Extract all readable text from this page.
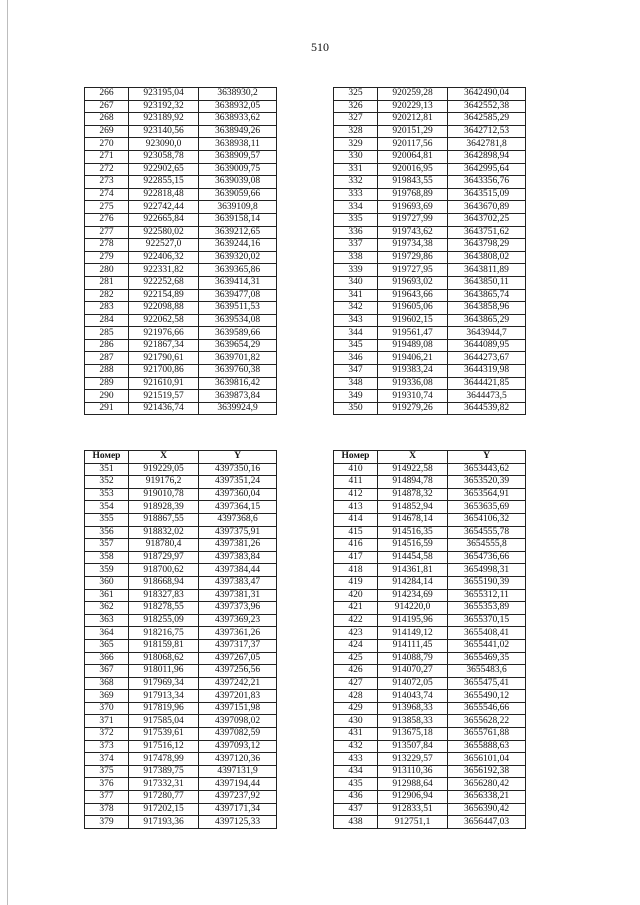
510
266	923195,04	3638930,2
267	923192,32	3638932,05
268	923189,92	3638933,62
269	923140,56	3638949,26
270	923090,0	3638938,11
271	923058,78	3638909,57
272	922902,65	3639009,75
273	922855,15	3639039,08
274	922818,48	3639059,66
275	922742,44	3639109,8
276	922665,84	3639158,14
277	922580,02	3639212,65
278	922527,0	3639244,16
279	922406,32	3639320,02
280	922331,82	3639365,86
281	922252,68	3639414,31
282	922154,89	3639477,08
283	922098,88	3639511,53
284	922062,58	3639534,08
285	921976,66	3639589,66
286	921867,34	3639654,29
287	921790,61	3639701,82
288	921700,86	3639760,38
289	921610,91	3639816,42
290	921519,57	3639873,84
291	921436,74	3639924,9
325	920259,28	3642490,04
326	920229,13	3642552,38
327	920212,81	3642585,29
328	920151,29	3642712,53
329	920117,56	3642781,8
330	920064,81	3642898,94
331	920016,95	3642995,64
332	919843,55	3643356,76
333	919768,89	3643515,09
334	919693,69	3643670,89
335	919727,99	3643702,25
336	919743,62	3643751,62
337	919734,38	3643798,29
338	919729,86	3643808,02
339	919727,95	3643811,89
340	919693,02	3643850,11
341	919643,66	3643865,74
342	919605,06	3643858,96
343	919602,15	3643865,29
344	919561,47	3643944,7
345	919489,08	3644089,95
346	919406,21	3644273,67
347	919383,24	3644319,98
348	919336,08	3644421,85
349	919310,74	3644473,5
350	919279,26	3644539,82
Номер	X	Y
351	919229,05	4397350,16
352	919176,2	4397351,24
353	919010,78	4397360,04
354	918928,39	4397364,15
355	918867,55	4397368,6
356	918832,02	4397375,91
357	918780,4	4397381,26
358	918729,97	4397383,84
359	918700,62	4397384,44
360	918668,94	4397383,47
361	918327,83	4397381,31
362	918278,55	4397373,96
363	918255,09	4397369,23
364	918216,75	4397361,26
365	918159,81	4397317,37
366	918068,62	4397267,05
367	918011,96	4397256,56
368	917969,34	4397242,21
369	917913,34	4397201,83
370	917819,96	4397151,98
371	917585,04	4397098,02
372	917539,61	4397082,59
373	917516,12	4397093,12
374	917478,99	4397120,36
375	917389,75	4397131,9
376	917332,31	4397194,44
377	917280,77	4397237,92
378	917202,15	4397171,34
379	917193,36	4397125,33
Номер	X	Y
410	914922,58	3653443,62
411	914894,78	3653520,39
412	914878,32	3653564,91
413	914852,94	3653635,69
414	914678,14	3654106,32
415	914516,35	3654555,78
416	914516,59	3654555,8
417	914454,58	3654736,66
418	914361,81	3654998,31
419	914284,14	3655190,39
420	914234,69	3655312,11
421	914220,0	3655353,89
422	914195,96	3655370,15
423	914149,12	3655408,41
424	914111,45	3655441,02
425	914088,79	3655469,35
426	914070,27	3655483,6
427	914072,05	3655475,41
428	914043,74	3655490,12
429	913968,33	3655546,66
430	913858,33	3655628,22
431	913675,18	3655761,88
432	913507,84	3655888,63
433	913229,57	3656101,04
434	913110,36	3656192,38
435	912988,64	3656280,42
436	912906,94	3656338,21
437	912833,51	3656390,42
438	912751,1	3656447,03
